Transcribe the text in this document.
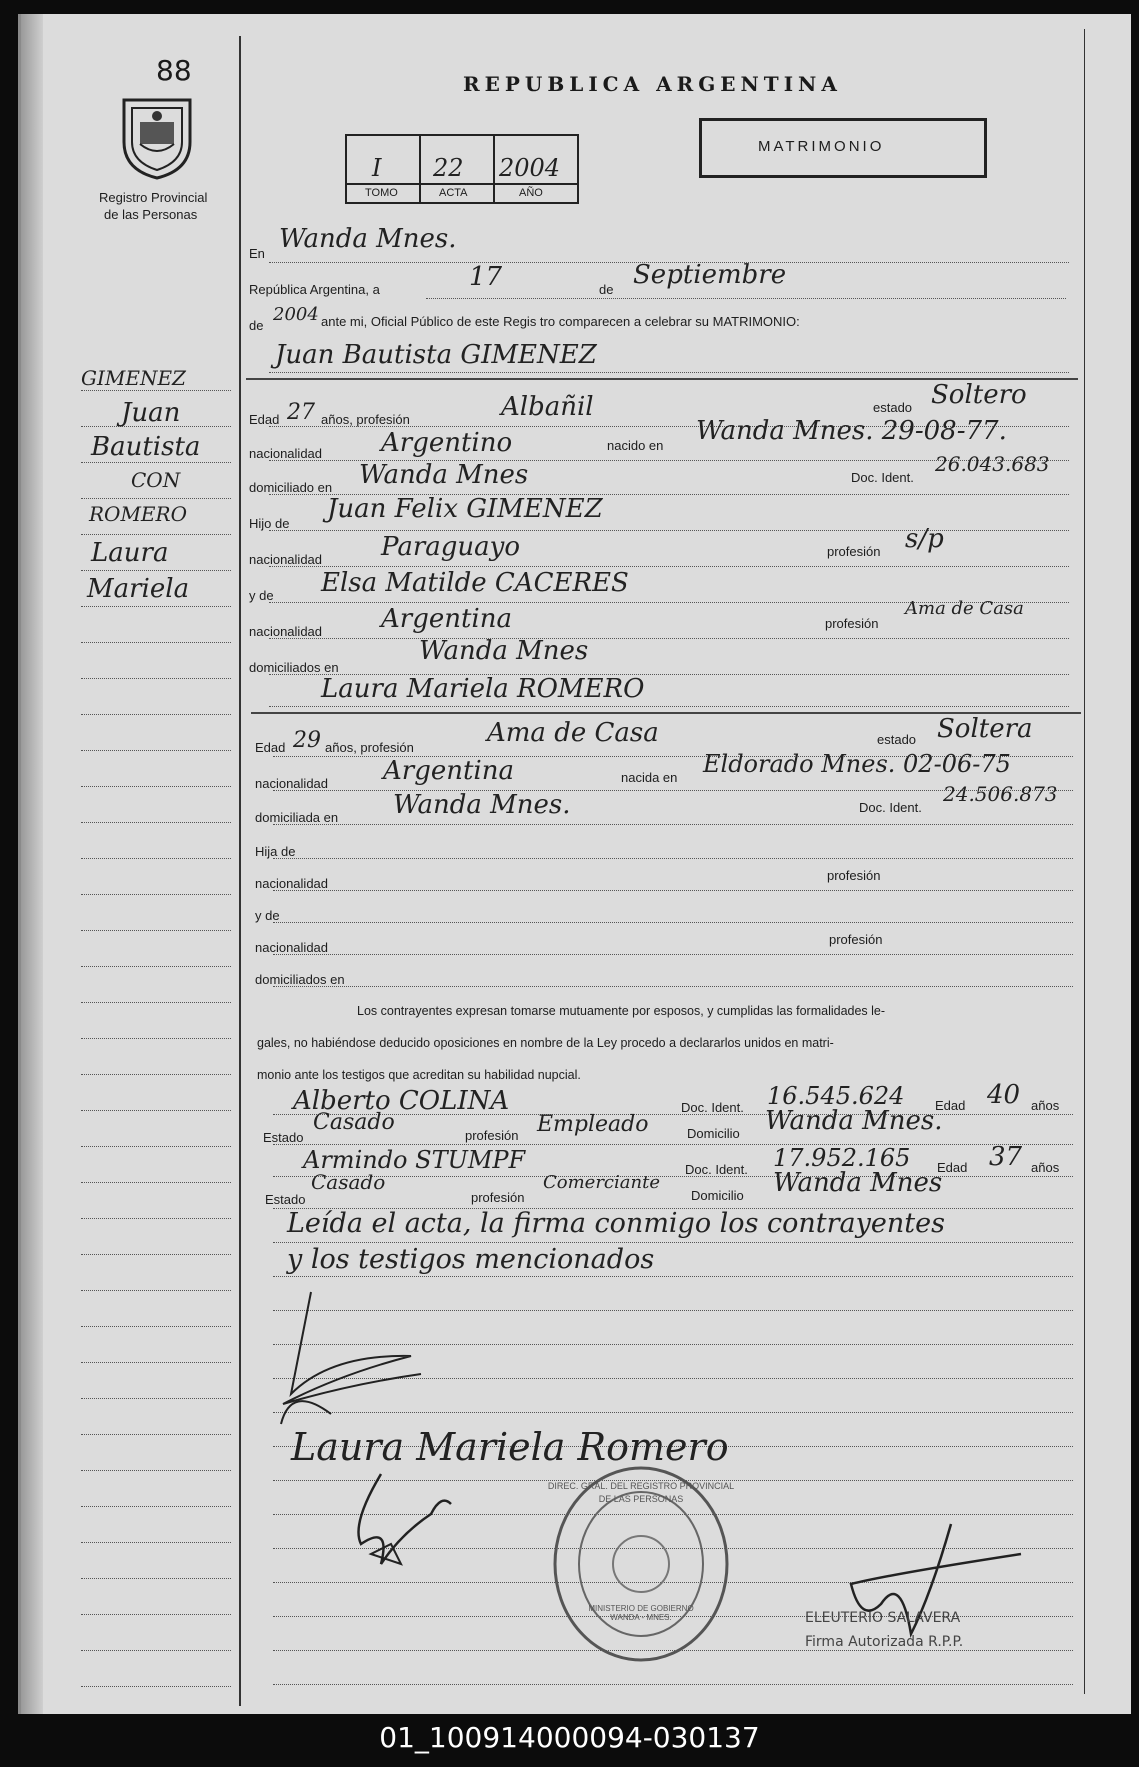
88
Registro Provincial
de las Personas
REPUBLICA ARGENTINA
I 22 2004
TOMO	ACTA	AÑO
MATRIMONIO
En Wanda Mnes.
República Argentina, a	17	de Septiembre
de
2004 ante mi, Oficial Público de este Regis tro comparecen a celebrar su MATRIMONIO:
Juan Bautista GIMENEZ
Edad 27 años, profesión	Albañil	estado Soltero
nacionalidad Argentino	nacido en Wanda Mnes. 29-08-77.
domiciliado en Wanda Mnes	Doc. Ident.
26.043.683
Hijo de Juan Felix GIMENEZ
nacionalidad Paraguayo	profesión s/p
y de Elsa Matilde CACERES
nacionalidad Argentina	profesión
Ama de Casa
domiciliados en
Wanda Mnes
Laura Mariela ROMERO
Edad 29 años, profesión	Ama de Casa	estado Soltera
nacionalidad Argentina	nacida en Eldorado Mnes. 02-06-75
domiciliada en Wanda Mnes.	Doc. Ident.
24.506.873
Hija de
nacionalidad
profesión
y de
nacionalidad
profesión
domiciliados en
Los contrayentes expresan tomarse mutuamente por esposos, y cumplidas las formalidades le-
gales, no habiéndose deducido oposiciones en nombre de la Ley procedo a declararlos unidos en matri-
monio ante los testigos que acreditan su habilidad nupcial.
Alberto COLINA	Doc. Ident. 16.545.624 Edad 40 años
Estado
Casado
profesión Empleado	Domicilio Wanda Mnes.
Armindo STUMPF	Doc. Ident. 17.952.165 Edad 37 años
Estado
Casado
profesión
Comerciante
Domicilio Wanda Mnes
Leída el acta, la firma conmigo los contrayentes
y los testigos mencionados
GIMENEZ
Juan
Bautista
CON
ROMERO
Laura
Mariela
Laura Mariela Romero
DIREC. GRAL. DEL REGISTRO PROVINCIAL DE LAS PERSONAS
MINISTERIO DE GOBIERNO WANDA - MNES.	ELEUTERIO SALAVERA
Firma Autorizada R.P.P.
01_100914000094-030137
